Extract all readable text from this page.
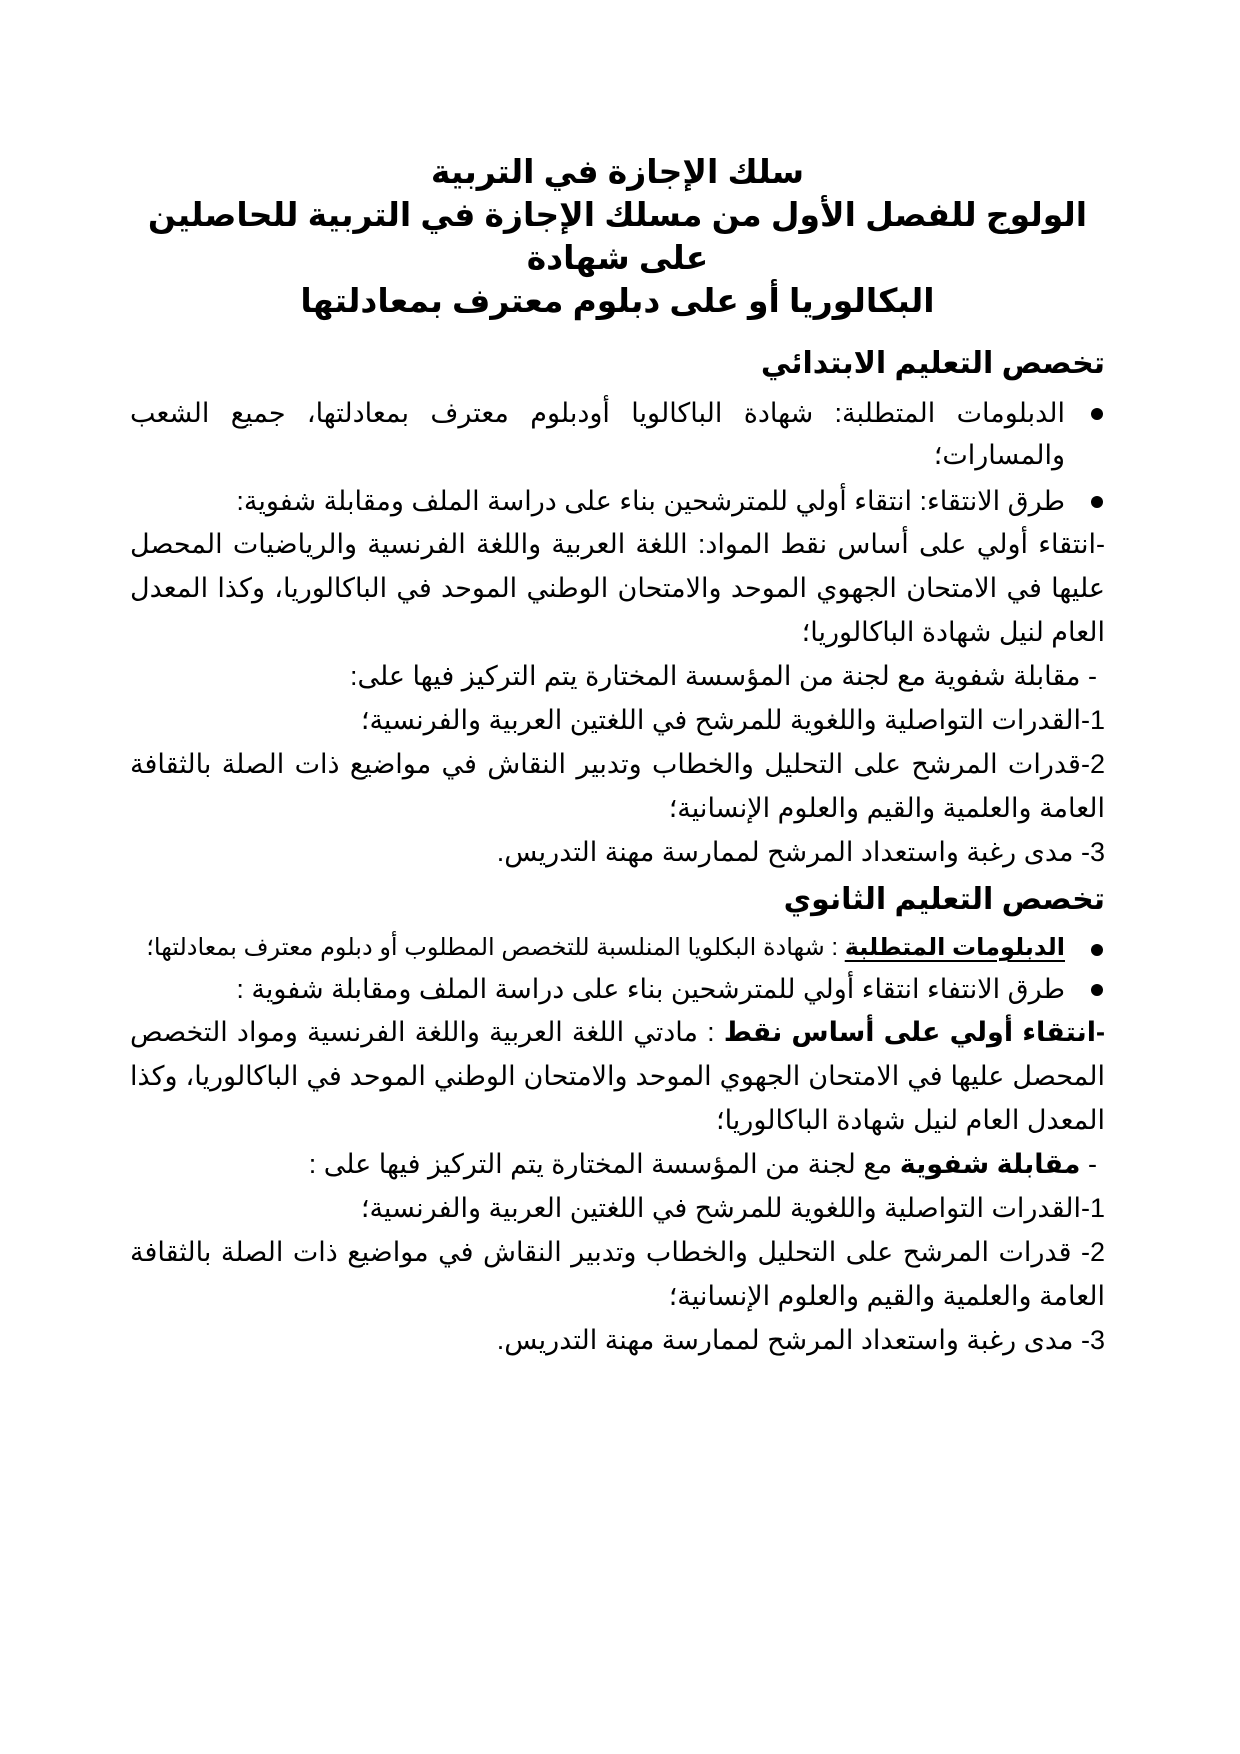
سلك الإجازة في التربية
الولوج للفصل الأول من مسلك الإجازة في التربية للحاصلين على شهادة
البكالوريا أو على دبلوم معترف بمعادلتها
تخصص التعليم الابتدائي
الدبلومات المتطلبة: شهادة الباكالويا أودبلوم معترف بمعادلتها، جميع الشعب والمسارات؛
طرق الانتقاء: انتقاء أولي للمترشحين بناء على دراسة الملف ومقابلة شفوية:
-انتقاء أولي على أساس نقط المواد: اللغة العربية واللغة الفرنسية والرياضيات المحصل عليها في الامتحان الجهوي الموحد والامتحان الوطني الموحد في الباكالوريا، وكذا المعدل العام لنيل شهادة الباكالوريا؛
- مقابلة شفوية مع لجنة من المؤسسة المختارة يتم التركيز فيها على:
1-القدرات التواصلية واللغوية للمرشح في اللغتين العربية والفرنسية؛
2-قدرات المرشح على التحليل والخطاب وتدبير النقاش في مواضيع ذات الصلة بالثقافة العامة والعلمية والقيم والعلوم الإنسانية؛
3- مدى رغبة واستعداد المرشح لممارسة مهنة التدريس.
تخصص التعليم الثانوي
الدبلومات المتطلبة : شهادة البكلويا المنلسبة للتخصص المطلوب أو دبلوم معترف بمعادلتها؛
طرق الانتفاء انتقاء أولي للمترشحين بناء على دراسة الملف ومقابلة شفوية :
-انتقاء أولي على أساس نقط : مادتي اللغة العربية واللغة الفرنسية ومواد التخصص المحصل عليها في الامتحان الجهوي الموحد والامتحان الوطني الموحد في الباكالوريا، وكذا المعدل العام لنيل شهادة الباكالوريا؛
- مقابلة شفوية مع لجنة من المؤسسة المختارة يتم التركيز فيها على :
1-القدرات التواصلية واللغوية للمرشح في اللغتين العربية والفرنسية؛
2- قدرات المرشح على التحليل والخطاب وتدبير النقاش في مواضيع ذات الصلة بالثقافة العامة والعلمية والقيم والعلوم الإنسانية؛
3- مدى رغبة واستعداد المرشح لممارسة مهنة التدريس.
